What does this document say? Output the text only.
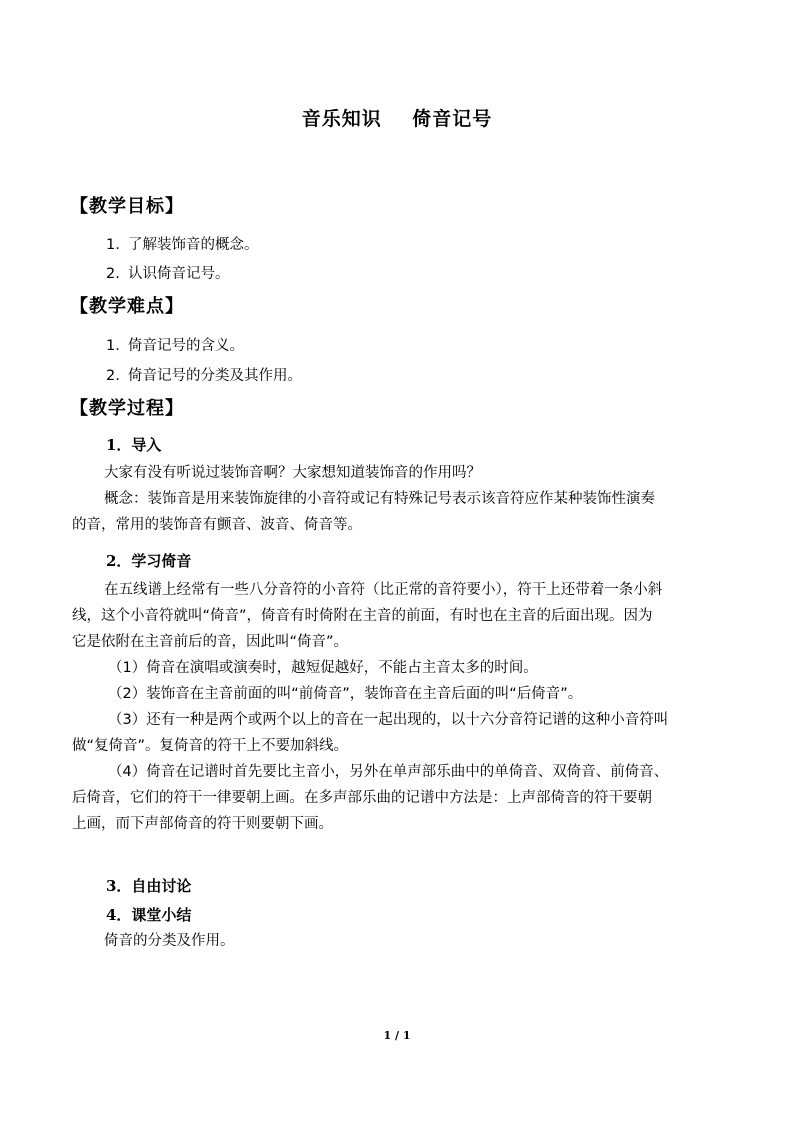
音乐知识    倚音记号
【教学目标】
1. 了解装饰音的概念。
2. 认识倚音记号。
【教学难点】
1. 倚音记号的含义。
2. 倚音记号的分类及其作用。
【教学过程】
1．导入
大家有没有听说过装饰音啊？大家想知道装饰音的作用吗？
概念：装饰音是用来装饰旋律的小音符或记有特殊记号表示该音符应作某种装饰性演奏
的音，常用的装饰音有颤音、波音、倚音等。
2．学习倚音
在五线谱上经常有一些八分音符的小音符（比正常的音符要小），符干上还带着一条小斜
线，这个小音符就叫“倚音”，倚音有时倚附在主音的前面，有时也在主音的后面出现。因为
它是依附在主音前后的音，因此叫“倚音”。
（1）倚音在演唱或演奏时，越短促越好，不能占主音太多的时间。
（2）装饰音在主音前面的叫“前倚音”，装饰音在主音后面的叫“后倚音”。
（3）还有一种是两个或两个以上的音在一起出现的，以十六分音符记谱的这种小音符叫
做“复倚音”。复倚音的符干上不要加斜线。
（4）倚音在记谱时首先要比主音小，另外在单声部乐曲中的单倚音、双倚音、前倚音、
后倚音，它们的符干一律要朝上画。在多声部乐曲的记谱中方法是：上声部倚音的符干要朝
上画，而下声部倚音的符干则要朝下画。
3．自由讨论
4．课堂小结
倚音的分类及作用。
1 / 1
